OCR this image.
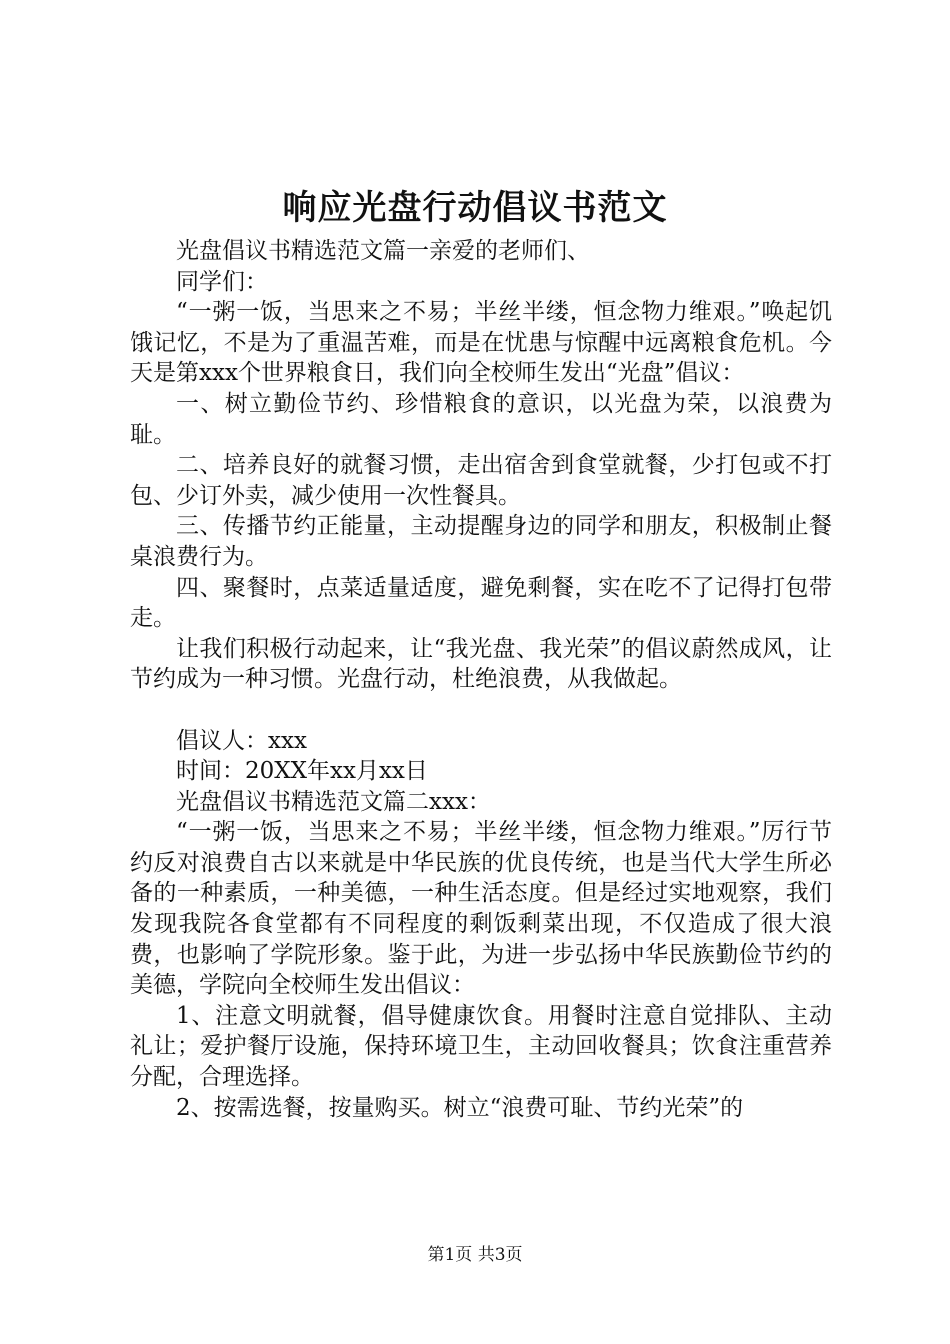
响应光盘行动倡议书范文

光盘倡议书精选范文篇一亲爱的老师们、

同学们：

“一粥一饭，当思来之不易；半丝半缕，恒念物力维艰。”唤起饥饿记忆，不是为了重温苦难，而是在忧患与惊醒中远离粮食危机。今天是第xxx个世界粮食日，我们向全校师生发出“光盘”倡议：

一、树立勤俭节约、珍惜粮食的意识，以光盘为荣，以浪费为耻。

二、培养良好的就餐习惯，走出宿舍到食堂就餐，少打包或不打包、少订外卖，减少使用一次性餐具。

三、传播节约正能量，主动提醒身边的同学和朋友，积极制止餐桌浪费行为。

四、聚餐时，点菜适量适度，避免剩餐，实在吃不了记得打包带走。

让我们积极行动起来，让“我光盘、我光荣”的倡议蔚然成风，让节约成为一种习惯。光盘行动，杜绝浪费，从我做起。

倡议人：xxx

时间：20XX年xx月xx日

光盘倡议书精选范文篇二xxx：

“一粥一饭，当思来之不易；半丝半缕，恒念物力维艰。”厉行节约反对浪费自古以来就是中华民族的优良传统，也是当代大学生所必备的一种素质，一种美德，一种生活态度。但是经过实地观察，我们发现我院各食堂都有不同程度的剩饭剩菜出现，不仅造成了很大浪费，也影响了学院形象。鉴于此，为进一步弘扬中华民族勤俭节约的美德，学院向全校师生发出倡议：

1、注意文明就餐，倡导健康饮食。用餐时注意自觉排队、主动礼让；爱护餐厅设施，保持环境卫生，主动回收餐具；饮食注重营养分配，合理选择。

2、按需选餐，按量购买。树立“浪费可耻、节约光荣”的

第1页 共3页
